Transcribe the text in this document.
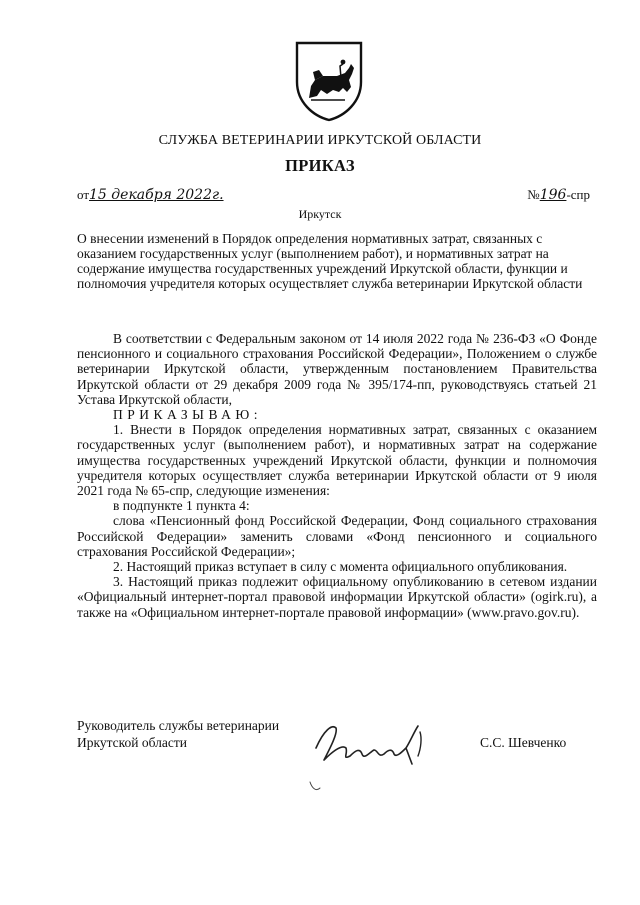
СЛУЖБА ВЕТЕРИНАРИИ ИРКУТСКОЙ ОБЛАСТИ
ПРИКАЗ
от15 декабря 2022г.	№196-спр
Иркутск
О внесении изменений в Порядок определения нормативных затрат, связанных с оказанием государственных услуг (выполнением работ), и нормативных затрат на содержание имущества государственных учреждений Иркутской области, функции и полномочия учредителя которых осуществляет служба ветеринарии Иркутской области

В соответствии с Федеральным законом от 14 июля 2022 года № 236-ФЗ «О Фонде пенсионного и социального страхования Российской Федерации», Положением о службе ветеринарии Иркутской области, утвержденным постановлением Правительства Иркутской области от 29 декабря 2009 года № 395/174-пп, руководствуясь статьей 21 Устава Иркутской области,

ПРИКАЗЫВАЮ:

1. Внести в Порядок определения нормативных затрат, связанных с оказанием государственных услуг (выполнением работ), и нормативных затрат на содержание имущества государственных учреждений Иркутской области, функции и полномочия учредителя которых осуществляет служба ветеринарии Иркутской области от 9 июля 2021 года № 65-спр, следующие изменения:

в подпункте 1 пункта 4:

слова «Пенсионный фонд Российской Федерации, Фонд социального страхования Российской Федерации» заменить словами «Фонд пенсионного и социального страхования Российской Федерации»;

2. Настоящий приказ вступает в силу с момента официального опубликования.

3. Настоящий приказ подлежит официальному опубликованию в сетевом издании «Официальный интернет-портал правовой информации Иркутской области» (ogirk.ru), а также на «Официальном интернет-портале правовой информации» (www.pravo.gov.ru).

Руководитель службы ветеринарии
Иркутской области	С.С. Шевченко
